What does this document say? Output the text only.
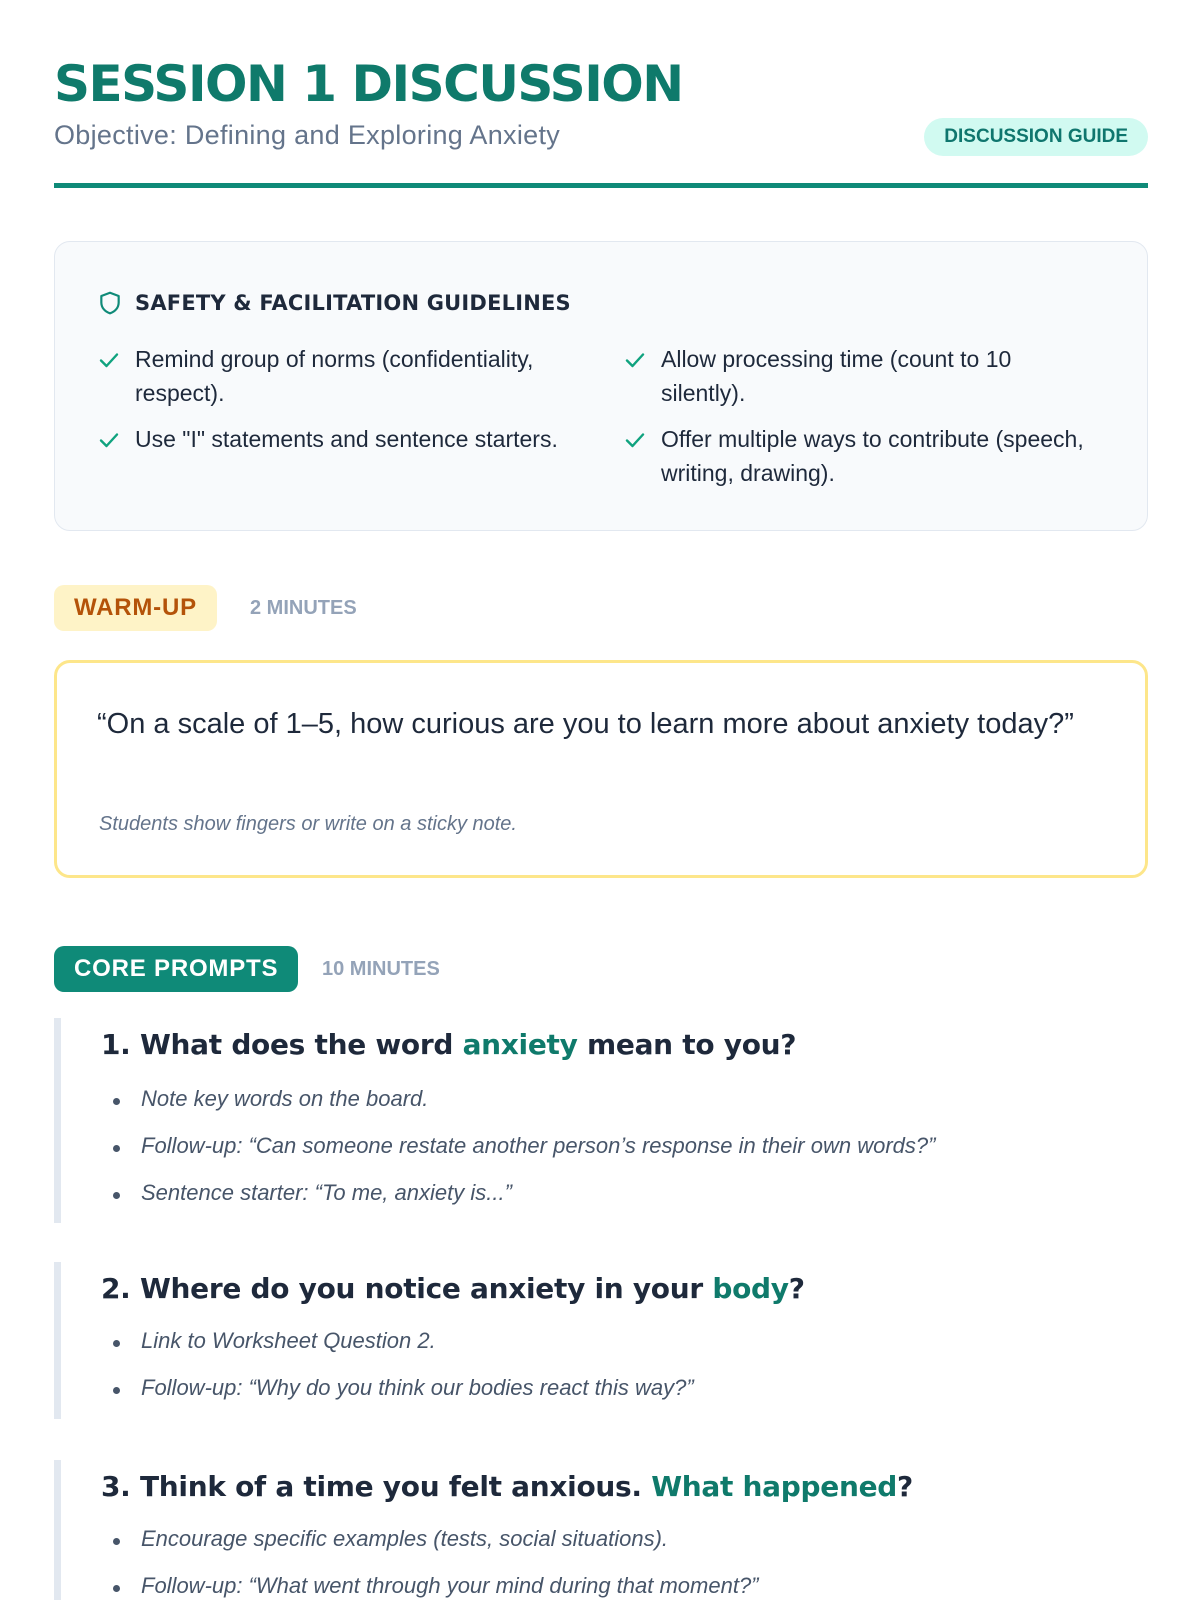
SESSION 1 DISCUSSION
Objective: Defining and Exploring Anxiety	DISCUSSION GUIDE
SAFETY & FACILITATION GUIDELINES
Remind group of norms (confidentiality, respect).
Allow processing time (count to 10 silently).
Use "I" statements and sentence starters.	Offer multiple ways to contribute (speech, writing, drawing).
WARM-UP	2 MINUTES
“On a scale of 1–5, how curious are you to learn more about anxiety today?”
Students show fingers or write on a sticky note.
CORE PROMPTS	10 MINUTES
1. What does the word anxiety mean to you?
Note key words on the board.
Follow-up: “Can someone restate another person’s response in their own words?”
Sentence starter: “To me, anxiety is...”
2. Where do you notice anxiety in your body?
Link to Worksheet Question 2.
Follow-up: “Why do you think our bodies react this way?”
3. Think of a time you felt anxious. What happened?
Encourage specific examples (tests, social situations).
Follow-up: “What went through your mind during that moment?”
